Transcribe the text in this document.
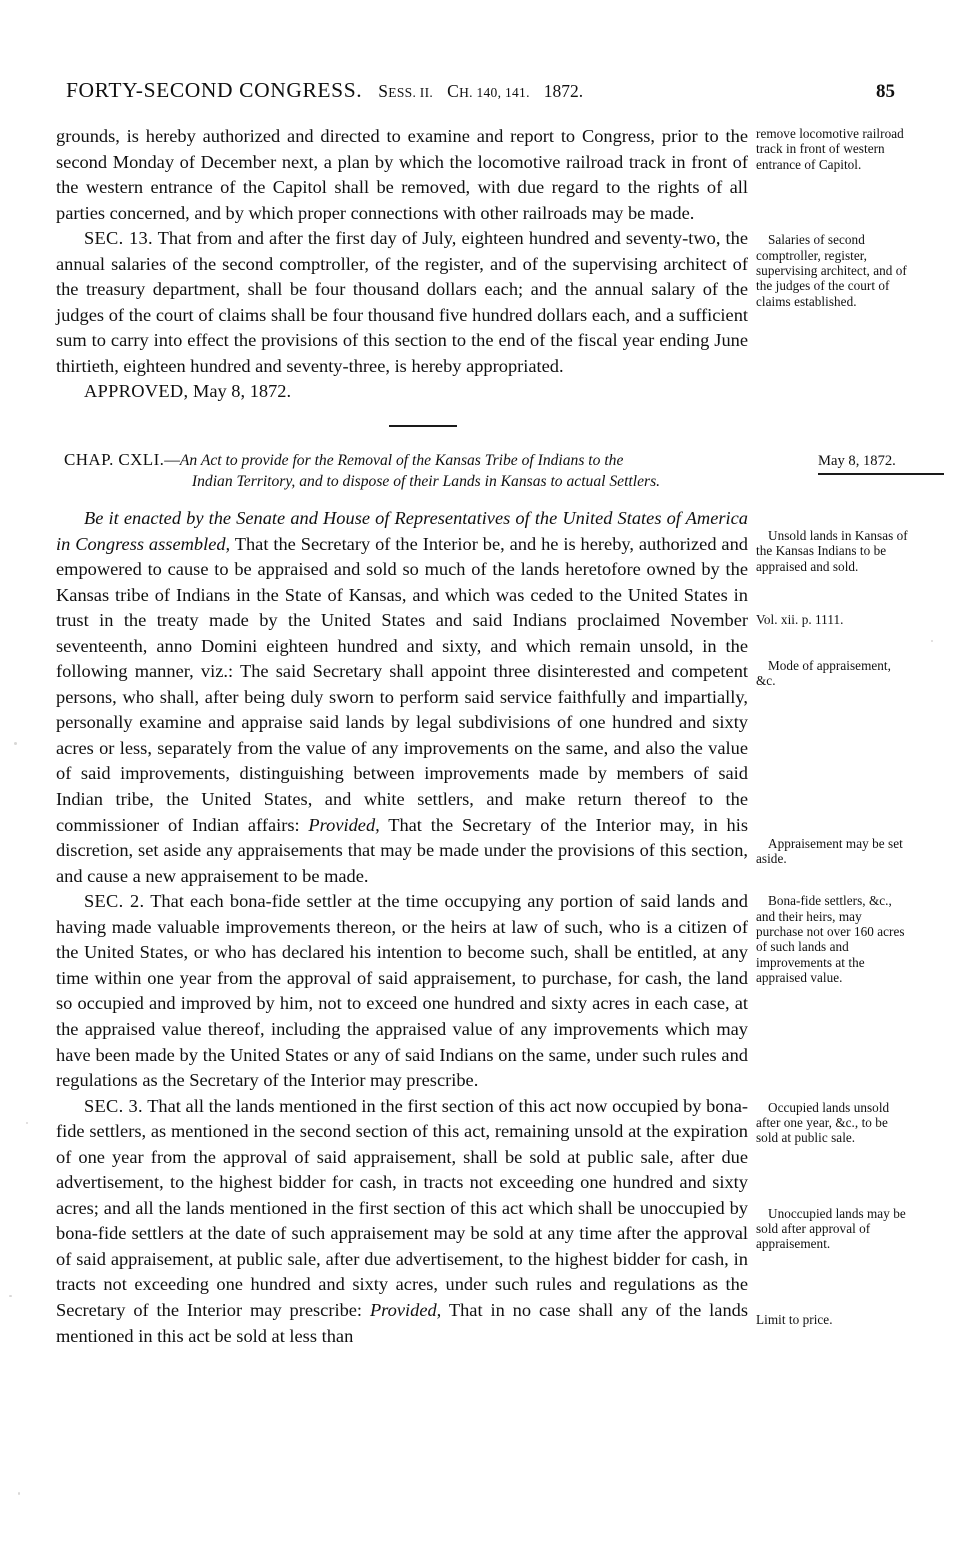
FORTY-SECOND CONGRESS. SESS. II. CH. 140, 141. 1872.	85

grounds, is hereby authorized and directed to examine and report to Congress, prior to the second Monday of December next, a plan by which the locomotive railroad track in front of the western entrance of the Capitol shall be removed, with due regard to the rights of all parties concerned, and by which proper connections with other railroads may be made.

remove locomotive railroad track in front of western entrance of Capitol.

SEC. 13. That from and after the first day of July, eighteen hundred and seventy-two, the annual salaries of the second comptroller, of the register, and of the supervising architect of the treasury department, shall be four thousand dollars each; and the annual salary of the judges of the court of claims shall be four thousand five hundred dollars each, and a sufficient sum to carry into effect the provisions of this section to the end of the fiscal year ending June thirtieth, eighteen hundred and seventy-three, is hereby appropriated.

Salaries of second comptroller, register, supervising architect, and of the judges of the court of claims established.

APPROVED, May 8, 1872.

CHAP. CXLI.—An Act to provide for the Removal of the Kansas Tribe of Indians to the
Indian Territory, and to dispose of their Lands in Kansas to actual Settlers.
May 8, 1872.

Be it enacted by the Senate and House of Representatives of the United States of America in Congress assembled, That the Secretary of the Interior be, and he is hereby, authorized and empowered to cause to be appraised and sold so much of the lands heretofore owned by the Kansas tribe of Indians in the State of Kansas, and which was ceded to the United States in trust in the treaty made by the United States and said Indians proclaimed November seventeenth, anno Domini eighteen hundred and sixty, and which remain unsold, in the following manner, viz.: The said Secretary shall appoint three disinterested and competent persons, who shall, after being duly sworn to perform said service faithfully and impartially, personally examine and appraise said lands by legal subdivisions of one hundred and sixty acres or less, separately from the value of any improvements on the same, and also the value of said improvements, distinguishing between improvements made by members of said Indian tribe, the United States, and white settlers, and make return thereof to the commissioner of Indian affairs: Provided, That the Secretary of the Interior may, in his discretion, set aside any appraisements that may be made under the provisions of this section, and cause a new appraisement to be made.

Unsold lands in Kansas of the Kansas Indians to be appraised and sold.
Vol. xii. p. 1111.
Mode of appraisement, &c.
Appraisement may be set aside.

SEC. 2. That each bona-fide settler at the time occupying any portion of said lands and having made valuable improvements thereon, or the heirs at law of such, who is a citizen of the United States, or who has declared his intention to become such, shall be entitled, at any time within one year from the approval of said appraisement, to purchase, for cash, the land so occupied and improved by him, not to exceed one hundred and sixty acres in each case, at the appraised value thereof, including the appraised value of any improvements which may have been made by the United States or any of said Indians on the same, under such rules and regulations as the Secretary of the Interior may prescribe.

Bona-fide settlers, &c., and their heirs, may purchase not over 160 acres of such lands and improvements at the appraised value.

SEC. 3. That all the lands mentioned in the first section of this act now occupied by bona-fide settlers, as mentioned in the second section of this act, remaining unsold at the expiration of one year from the approval of said appraisement, shall be sold at public sale, after due advertisement, to the highest bidder for cash, in tracts not exceeding one hundred and sixty acres; and all the lands mentioned in the first section of this act which shall be unoccupied by bona-fide settlers at the date of such appraisement may be sold at any time after the approval of said appraisement, at public sale, after due advertisement, to the highest bidder for cash, in tracts not exceeding one hundred and sixty acres, under such rules and regulations as the Secretary of the Interior may prescribe: Provided, That in no case shall any of the lands mentioned in this act be sold at less than

Occupied lands unsold after one year, &c., to be sold at public sale.
Unoccupied lands may be sold after approval of appraisement.
Limit to price.
